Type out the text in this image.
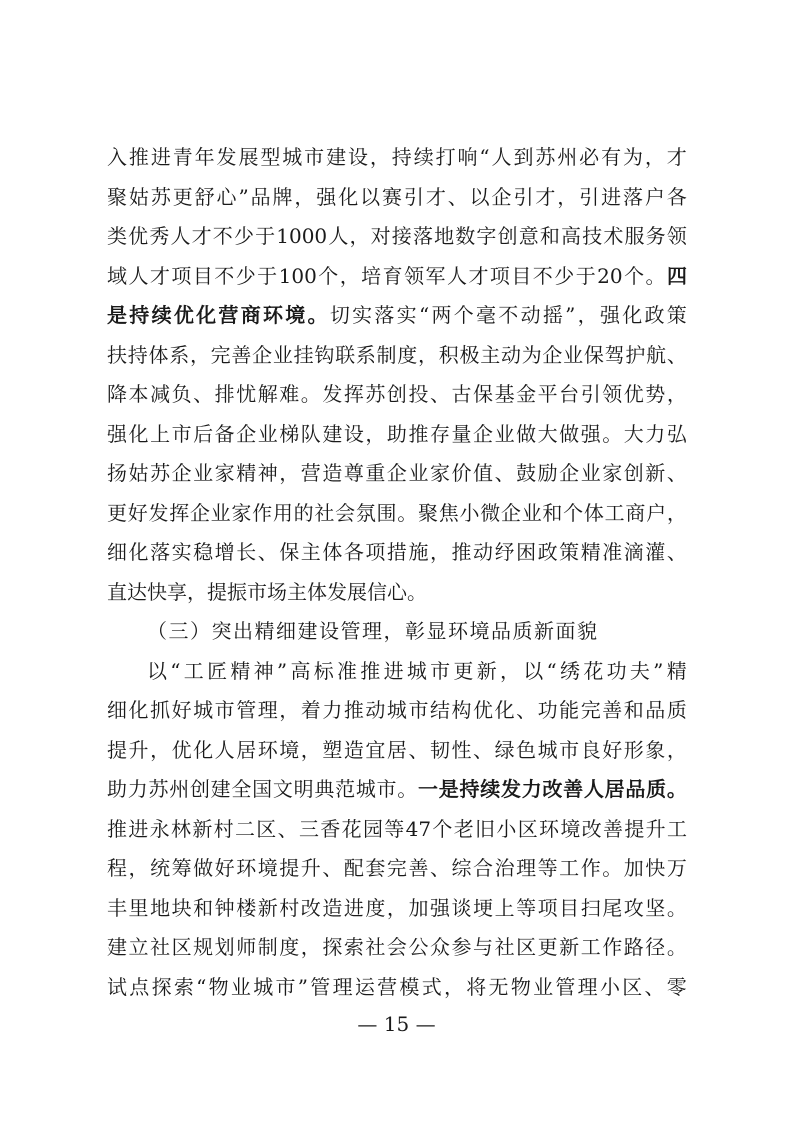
入 推 进 青 年 发 展 型 城 市 建 设 ， 持 续 打 响 “ 人 到 苏 州 必 有 为 ， 才
聚 姑 苏 更 舒 心 ” 品 牌 ， 强 化 以 赛 引 才 、 以 企 引 才 ， 引 进 落 户 各
类 优 秀 人 才 不 少 于 1000 人 ， 对 接 落 地 数 字 创 意 和 高 技 术 服 务 领
域 人 才 项 目 不 少 于 100 个 ， 培 育 领 军 人 才 项 目 不 少 于 20 个 。 四
是 持 续 优 化 营 商 环 境 。 切 实 落 实 “ 两 个 毫 不 动 摇 ” ， 强 化 政 策
扶 持 体 系 ， 完 善 企 业 挂 钩 联 系 制 度 ， 积 极 主 动 为 企 业 保 驾 护 航 、
降 本 减 负 、 排 忧 解 难 。 发 挥 苏 创 投 、 古 保 基 金 平 台 引 领 优 势 ，
强 化 上 市 后 备 企 业 梯 队 建 设 ， 助 推 存 量 企 业 做 大 做 强 。 大 力 弘
扬 姑 苏 企 业 家 精 神 ， 营 造 尊 重 企 业 家 价 值 、 鼓 励 企 业 家 创 新 、
更 好 发 挥 企 业 家 作 用 的 社 会 氛 围 。 聚 焦 小 微 企 业 和 个 体 工 商 户 ，
细 化 落 实 稳 增 长 、 保 主 体 各 项 措 施 ， 推 动 纾 困 政 策 精 准 滴 灌 、
直 达 快 享 ， 提 振 市 场 主 体 发 展 信 心 。
（三）突出精细建设管理，彰显环境品质新面貌
以 “ 工 匠 精 神 ” 高 标 准 推 进 城 市 更 新 ， 以 “ 绣 花 功 夫 ” 精
细 化 抓 好 城 市 管 理 ， 着 力 推 动 城 市 结 构 优 化 、 功 能 完 善 和 品 质
提 升 ， 优 化 人 居 环 境 ， 塑 造 宜 居 、 韧 性 、 绿 色 城 市 良 好 形 象 ，
助 力 苏 州 创 建 全 国 文 明 典 范 城 市 。 一 是 持 续 发 力 改 善 人 居 品 质 。
推 进 永 林 新 村 二 区 、 三 香 花 园 等 47 个 老 旧 小 区 环 境 改 善 提 升 工
程 ， 统 筹 做 好 环 境 提 升 、 配 套 完 善 、 综 合 治 理 等 工 作 。 加 快 万
丰 里 地 块 和 钟 楼 新 村 改 造 进 度 ， 加 强 谈 埂 上 等 项 目 扫 尾 攻 坚 。
建 立 社 区 规 划 师 制 度 ， 探 索 社 会 公 众 参 与 社 区 更 新 工 作 路 径 。
试 点 探 索 “ 物 业 城 市 ” 管 理 运 营 模 式 ， 将 无 物 业 管 理 小 区 、 零
— 15 —
